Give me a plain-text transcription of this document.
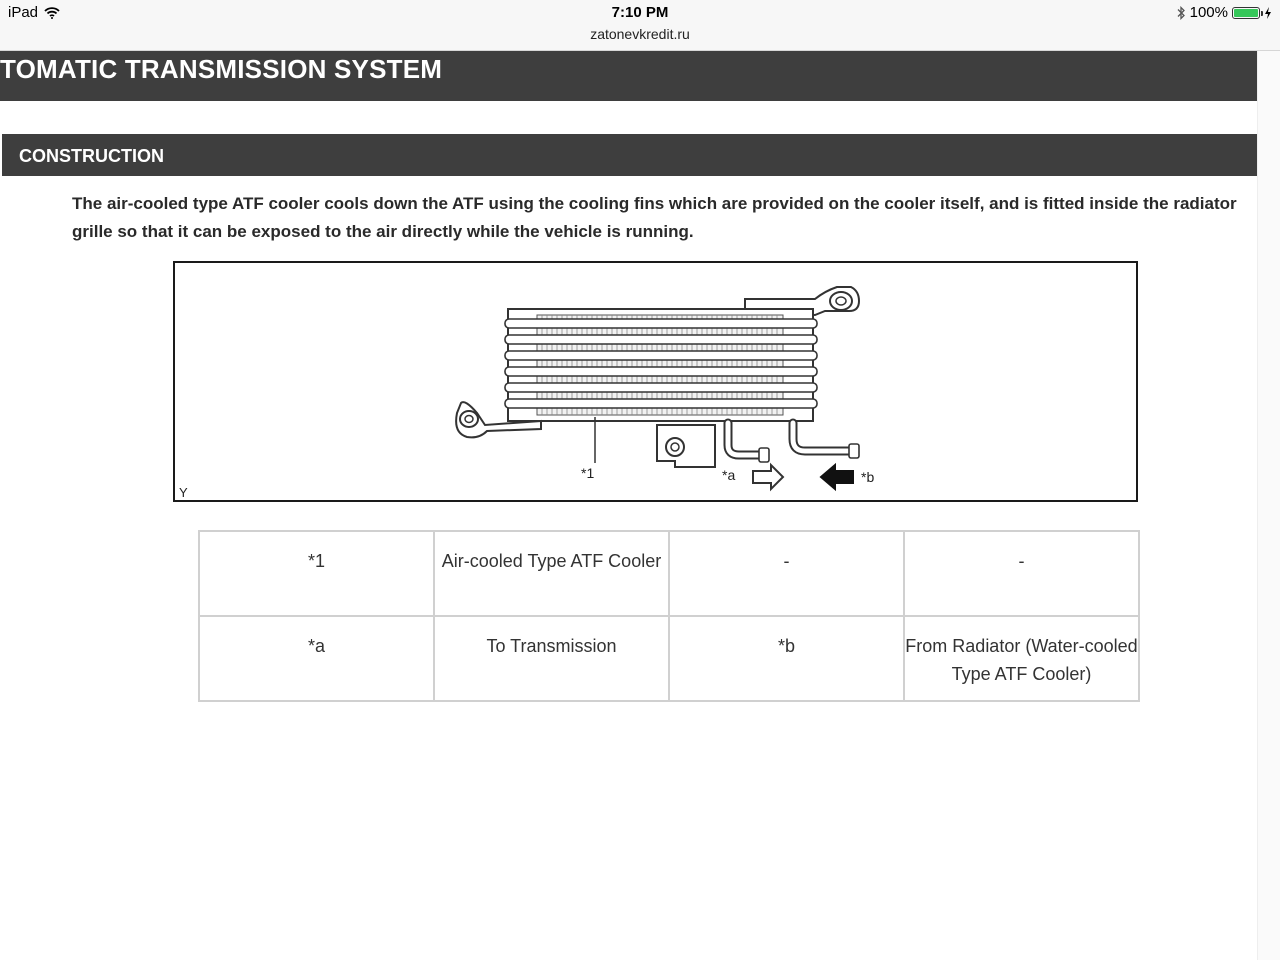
iPad	7:10 PM
zatonevkredit.ru
100%
TOMATIC TRANSMISSION SYSTEM
CONSTRUCTION
The air-cooled type ATF cooler cools down the ATF using the cooling fins which are provided on the cooler itself, and is fitted inside the radiator grille so that it can be exposed to the air directly while the vehicle is running.
*1	*a	*b
Y
*1	Air-cooled Type ATF Cooler	-	-
*a	To Transmission	*b	From Radiator (Water-cooled Type ATF Cooler)
